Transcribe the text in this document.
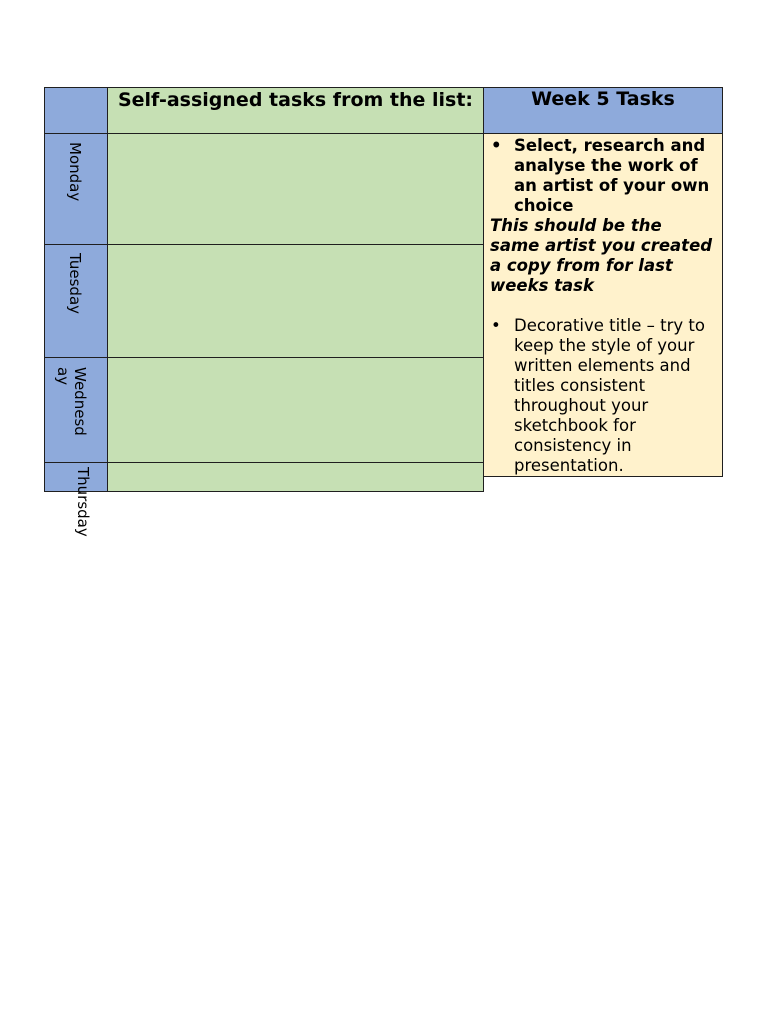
Self-assigned tasks from the list:	Week 5 Tasks
Monday
Tuesday
Wednesday
Thursday
• Select, research and analyse the work of an artist of your own choice
This should be the same artist you created a copy from for last weeks task
• Decorative title – try to keep the style of your written elements and titles consistent throughout your sketchbook for consistency in presentation.
